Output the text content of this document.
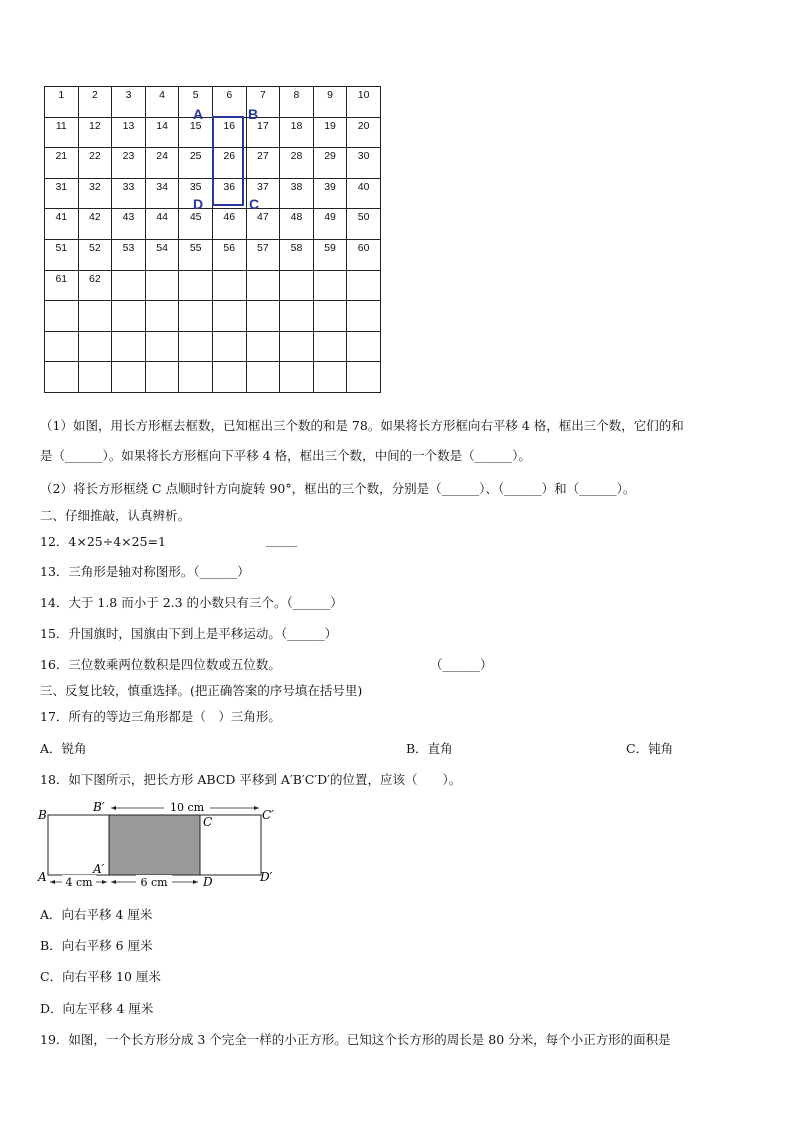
1	2	3	4	5	6	7	8	9	10
11	12	13	14	15	16	17	18	19	20
21	22	23	24	25	26	27	28	29	30
31	32	33	34	35	36	37	38	39	40
41	42	43	44	45	46	47	48	49	50
51	52	53	54	55	56	57	58	59	60
61	62								

A	B
C
D
（1）如图，用长方形框去框数，已知框出三个数的和是 78。如果将长方形框向右平移 4 格，框出三个数，它们的和
是（______）。如果将长方形框向下平移 4 格，框出三个数，中间的一个数是（______）。
（2）将长方形框绕 C 点顺时针方向旋转 90°，框出的三个数，分别是（______）、（______）和（______）。
二、仔细推敲，认真辨析。
12．4×25÷4×25=1	_____
13．三角形是轴对称图形。（______）
14．大于 1.8 而小于 2.3 的小数只有三个。（______）
15．升国旗时，国旗由下到上是平移运动。（______）
16．三位数乘两位数积是四位数或五位数。	（______）
三、反复比较，慎重选择。(把正确答案的序号填在括号里)
17．所有的等边三角形都是（　）三角形。
A．锐角	B．直角	C．钝角
18．如下图所示，把长方形 ABCD 平移到 A′B′C′D′的位置，应该（　　）。
10 cm
4 cm	6 cm
B
B′
C	C′
A
A′
D	D′
A．向右平移 4 厘米
B．向右平移 6 厘米
C．向右平移 10 厘米
D．向左平移 4 厘米
19．如图，一个长方形分成 3 个完全一样的小正方形。已知这个长方形的周长是 80 分米，每个小正方形的面积是
